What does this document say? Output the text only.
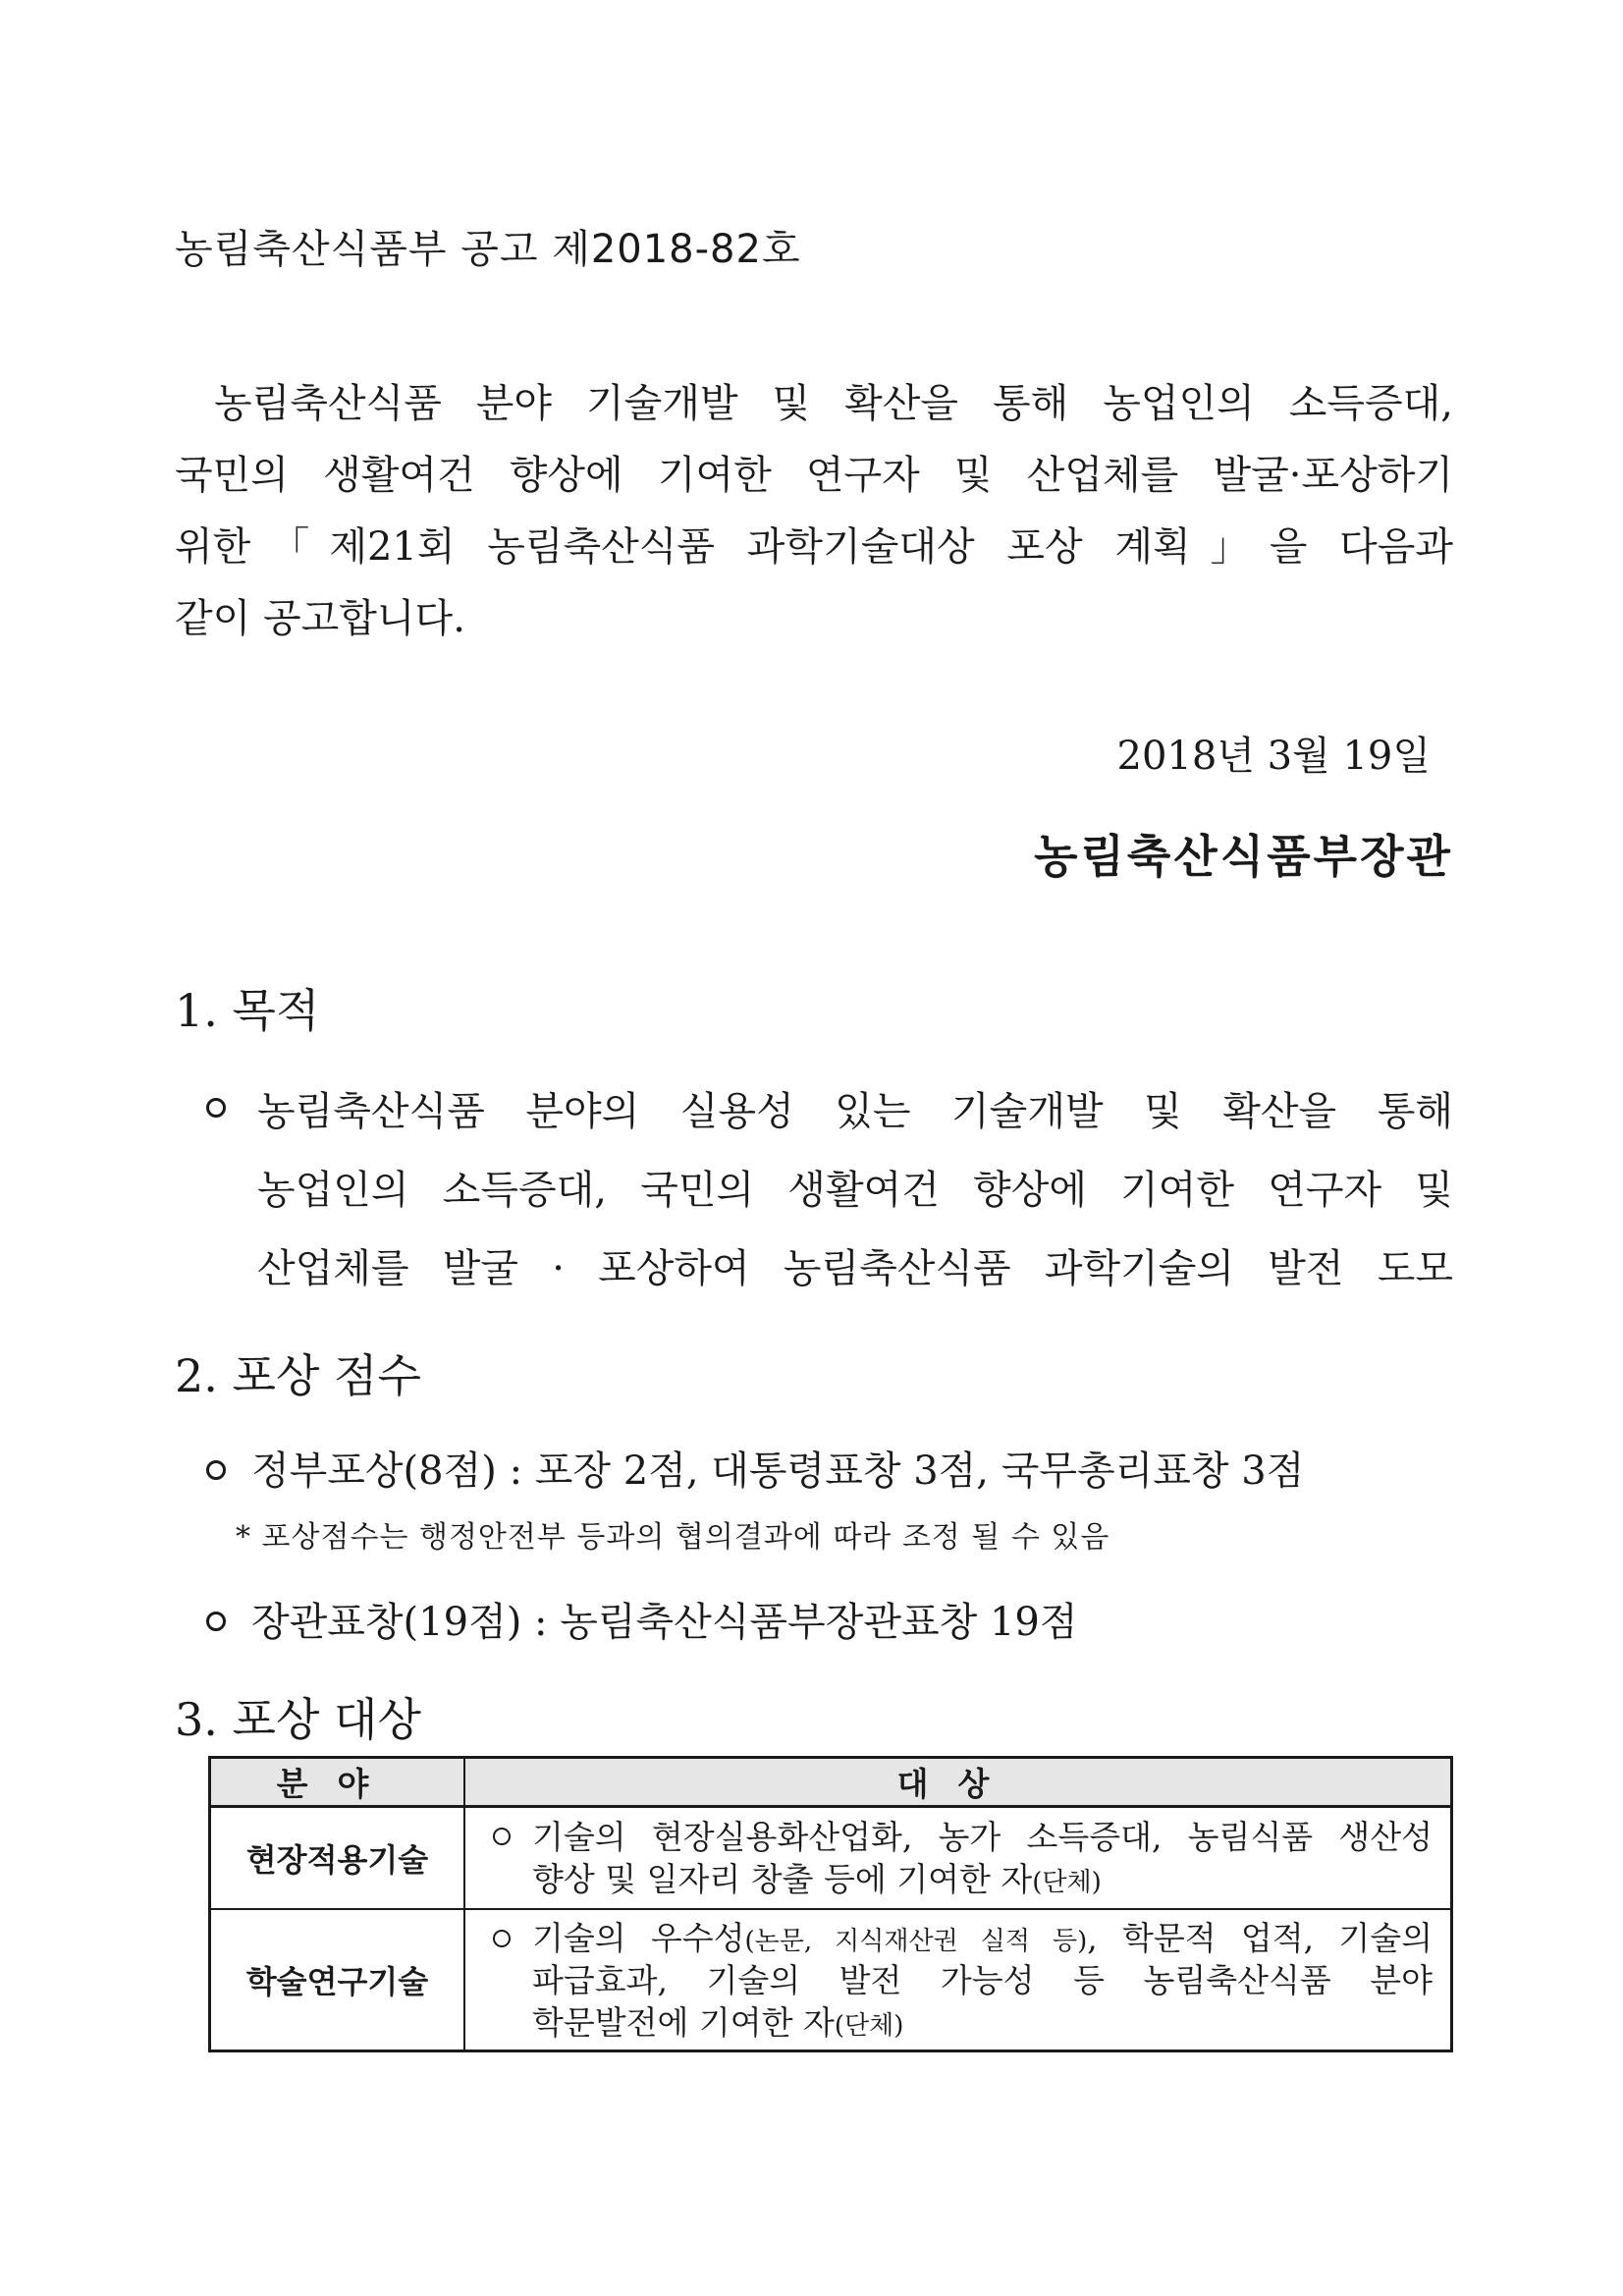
농림축산식품부 공고 제2018-82호
농림축산식품 분야 기술개발 및 확산을 통해 농업인의 소득증대,
국민의 생활여건 향상에 기여한 연구자 및 산업체를 발굴·포상하기
위한「제21회 농림축산식품 과학기술대상 포상 계획」을 다음과
같이 공고합니다.
2018년 3월 19일
농림축산식품부장관
1. 목적
농림축산식품 분야의 실용성 있는 기술개발 및 확산을 통해
농업인의 소득증대, 국민의 생활여건 향상에 기여한 연구자 및
산업체를 발굴 · 포상하여 농림축산식품 과학기술의 발전 도모
2. 포상 점수
정부포상(8점) : 포장 2점, 대통령표창 3점, 국무총리표창 3점
* 포상점수는 행정안전부 등과의 협의결과에 따라 조정 될 수 있음
장관표창(19점) : 농림축산식품부장관표창 19점
3. 포상 대상
분야	대상
현장적용기술	기술의 현장실용화산업화, 농가 소득증대, 농림식품 생산성
향상 및 일자리 창출 등에 기여한 자(단체)

학술연구기술	기술의 우수성(논문, 지식재산권 실적 등), 학문적 업적, 기술의
파급효과, 기술의 발전 가능성 등 농림축산식품 분야
학문발전에 기여한 자(단체)
